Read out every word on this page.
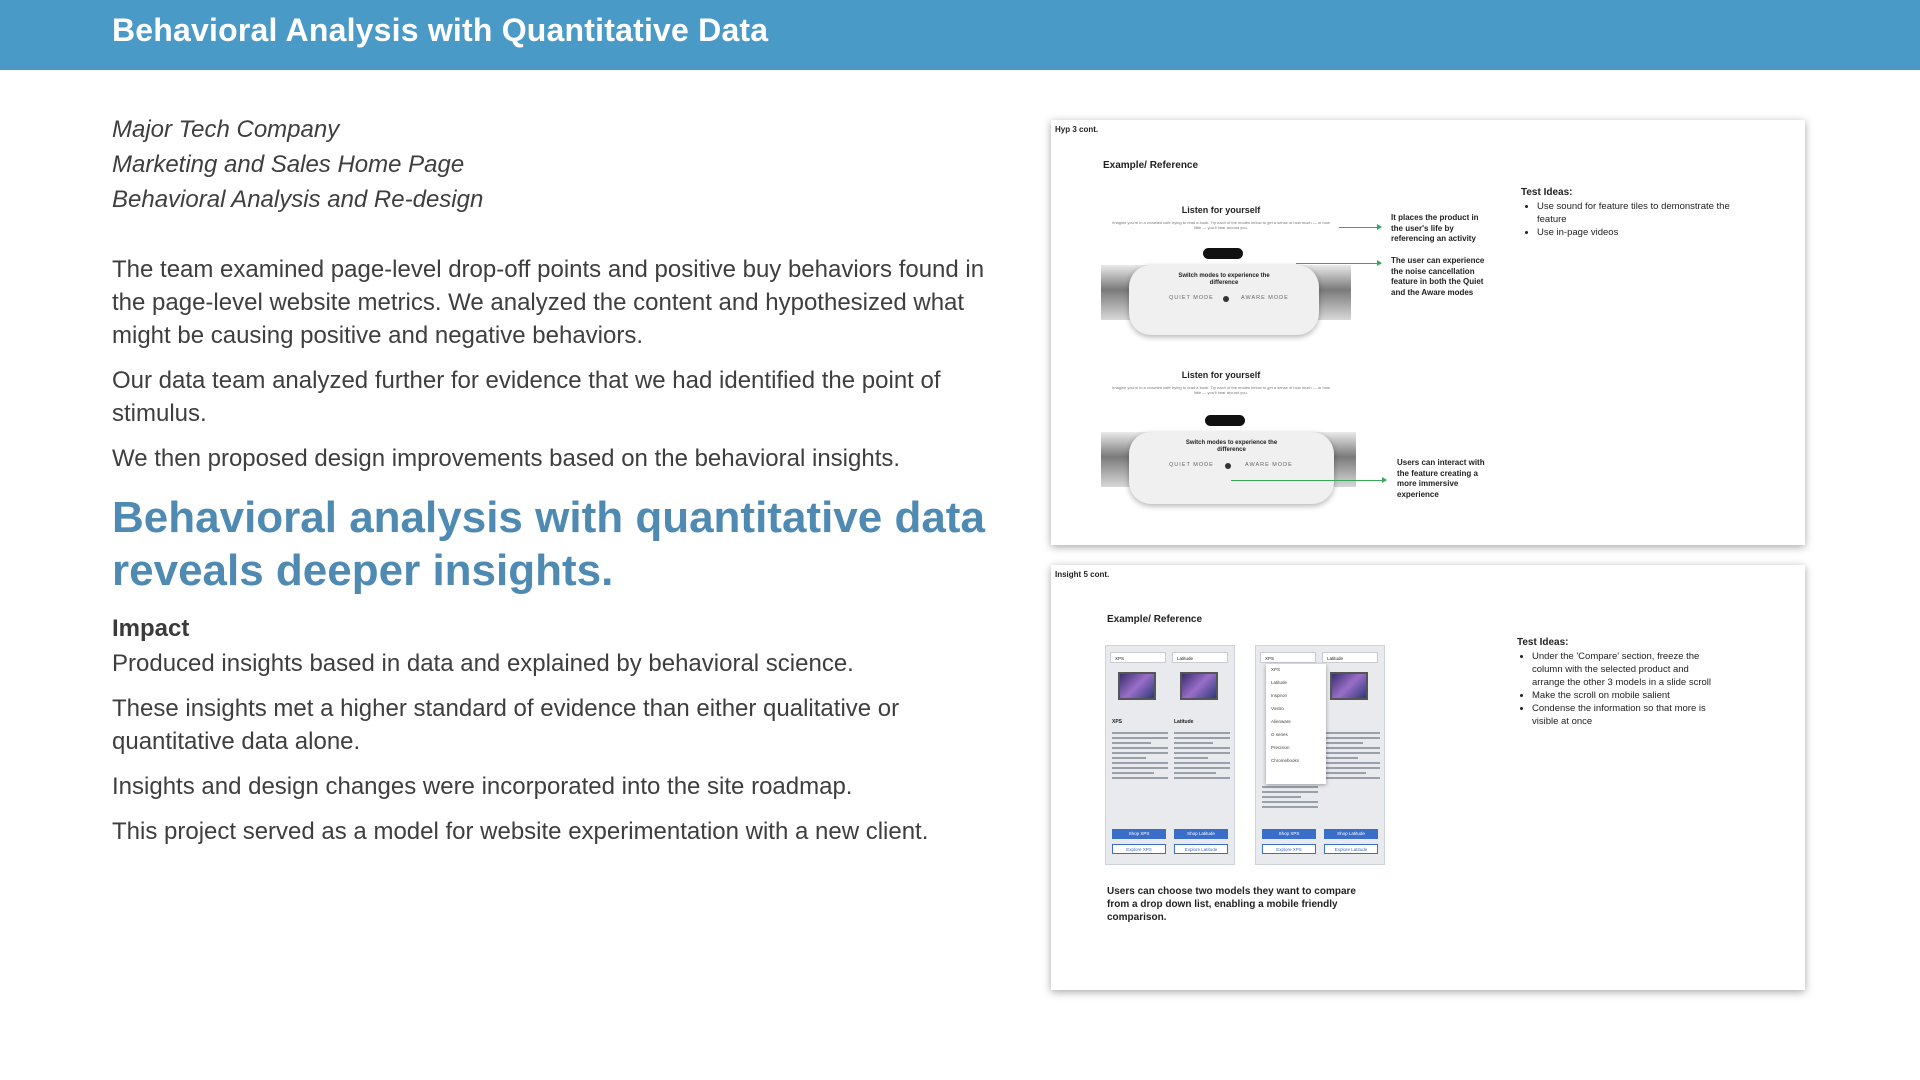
Behavioral Analysis with Quantitative Data

Major Tech Company

Marketing and Sales Home Page

Behavioral Analysis and Re-design

The team examined page-level drop-off points and positive buy behaviors found in the page-level website metrics. We analyzed the content and hypothesized what might be causing positive and negative behaviors.

Our data team analyzed further for evidence that we had identified the point of stimulus.

We then proposed design improvements based on the behavioral insights.

Behavioral analysis with quantitative data reveals deeper insights.
Impact

Produced insights based in data and explained by behavioral science.

These insights met a higher standard of evidence than either qualitative or quantitative data alone.

Insights and design changes were incorporated into the site roadmap.

This project served as a model for website experimentation with a new client.

Hyp 3 cont.
Example/ Reference
Listen for yourself
Imagine you're in a crowded café trying to read a book. Try each of the modes below to get a sense of how much — or how little — you'll hear around you.
Switch modes to experience the difference
QUIET MODE	AWARE MODE
Listen for yourself
Imagine you're in a crowded café trying to read a book. Try each of the modes below to get a sense of how much — or how little — you'll hear around you.
Switch modes to experience the difference
QUIET MODE	AWARE MODE
It places the product in the user's life by referencing an activity
The user can experience the noise cancellation feature in both the Quiet and the Aware modes
Users can interact with the feature creating a more immersive experience
Test Ideas:
• Use sound for feature tiles to demonstrate the feature
• Use in-page videos
Insight 5 cont.
Example/ Reference
XPS	Latitude
XPS	Latitude
Shop XPS	Shop Latitude
Explore XPS	Explore Latitude
XPS	Latitude
XPS
Latitude
Inspiron
Vostro
Alienware
G series
Precision
Chromebooks
Shop XPS	Shop Latitude
Explore XPS	Explore Latitude
Users can choose two models they want to compare from a drop down list, enabling a mobile friendly comparison.
Test Ideas:
• Under the 'Compare' section, freeze the column with the selected product and arrange the other 3 models in a slide scroll
• Make the scroll on mobile salient
• Condense the information so that more is visible at once
